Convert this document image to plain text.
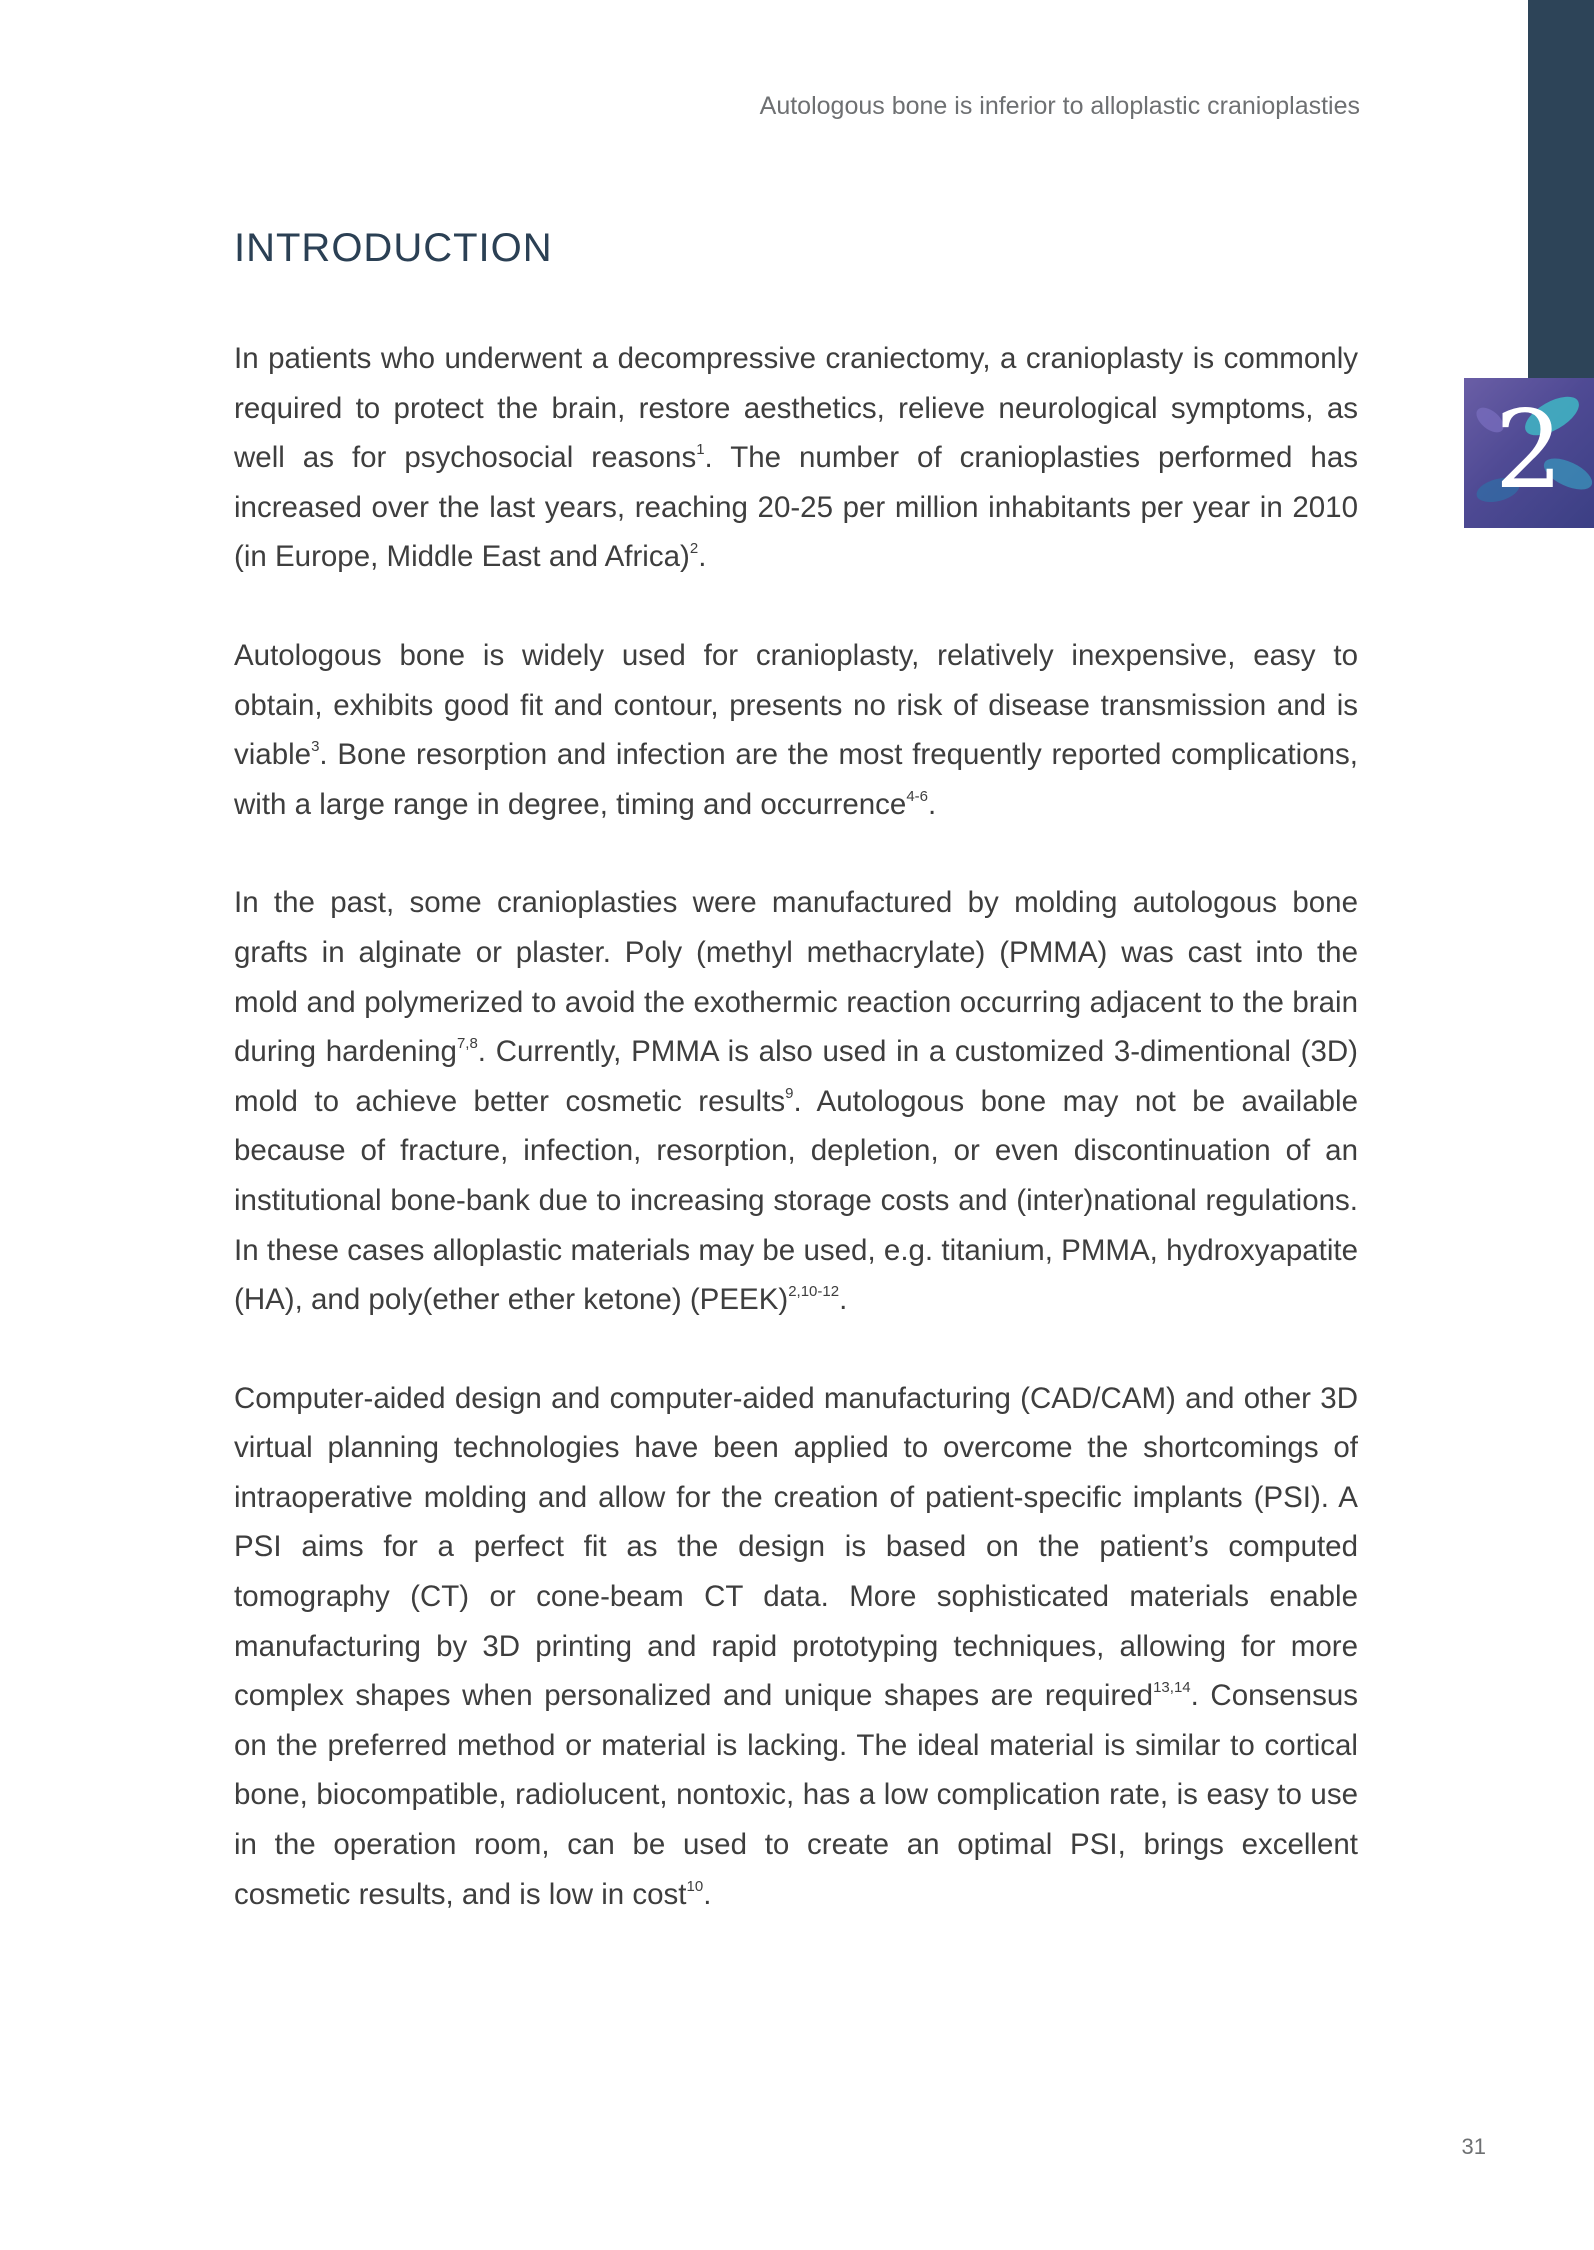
2
Autologous bone is inferior to alloplastic cranioplasties
INTRODUCTION

In patients who underwent a decompressive craniectomy, a cranioplasty is commonly required to protect the brain, restore aesthetics, relieve neurological symptoms, as well as for psychosocial reasons$^1$. The number of cranioplasties performed has increased over the last years, reaching 20-25 per million inhabitants per year in 2010 (in Europe, Middle East and Africa)$^2$.

Autologous bone is widely used for cranioplasty, relatively inexpensive, easy to obtain, exhibits good fit and contour, presents no risk of disease transmission and is viable$^3$. Bone resorption and infection are the most frequently reported complications, with a large range in degree, timing and occurrence$^{4-6}$.

In the past, some cranioplasties were manufactured by molding autologous bone grafts in alginate or plaster. Poly (methyl methacrylate) (PMMA) was cast into the mold and polymerized to avoid the exothermic reaction occurring adjacent to the brain during hardening$^{7,8}$. Currently, PMMA is also used in a customized 3-dimentional (3D) mold to achieve better cosmetic results$^9$. Autologous bone may not be available because of fracture, infection, resorption, depletion, or even discontinuation of an institutional bone-bank due to increasing storage costs and (inter)national regulations. In these cases alloplastic materials may be used, e.g. titanium, PMMA, hydroxyapatite (HA), and poly(ether ether ketone) (PEEK)$^{2,10-12}$.

Computer-aided design and computer-aided manufacturing (CAD/CAM) and other 3D virtual planning technologies have been applied to overcome the shortcomings of intraoperative molding and allow for the creation of patient-specific implants (PSI). A PSI aims for a perfect fit as the design is based on the patient’s computed tomography (CT) or cone-beam CT data. More sophisticated materials enable manufacturing by 3D printing and rapid prototyping techniques, allowing for more complex shapes when personalized and unique shapes are required$^{13,14}$. Consensus on the preferred method or material is lacking. The ideal material is similar to cortical bone, biocompatible, radiolucent, nontoxic, has a low complication rate, is easy to use in the operation room, can be used to create an optimal PSI, brings excellent cosmetic results, and is low in cost$^{10}$.

31
